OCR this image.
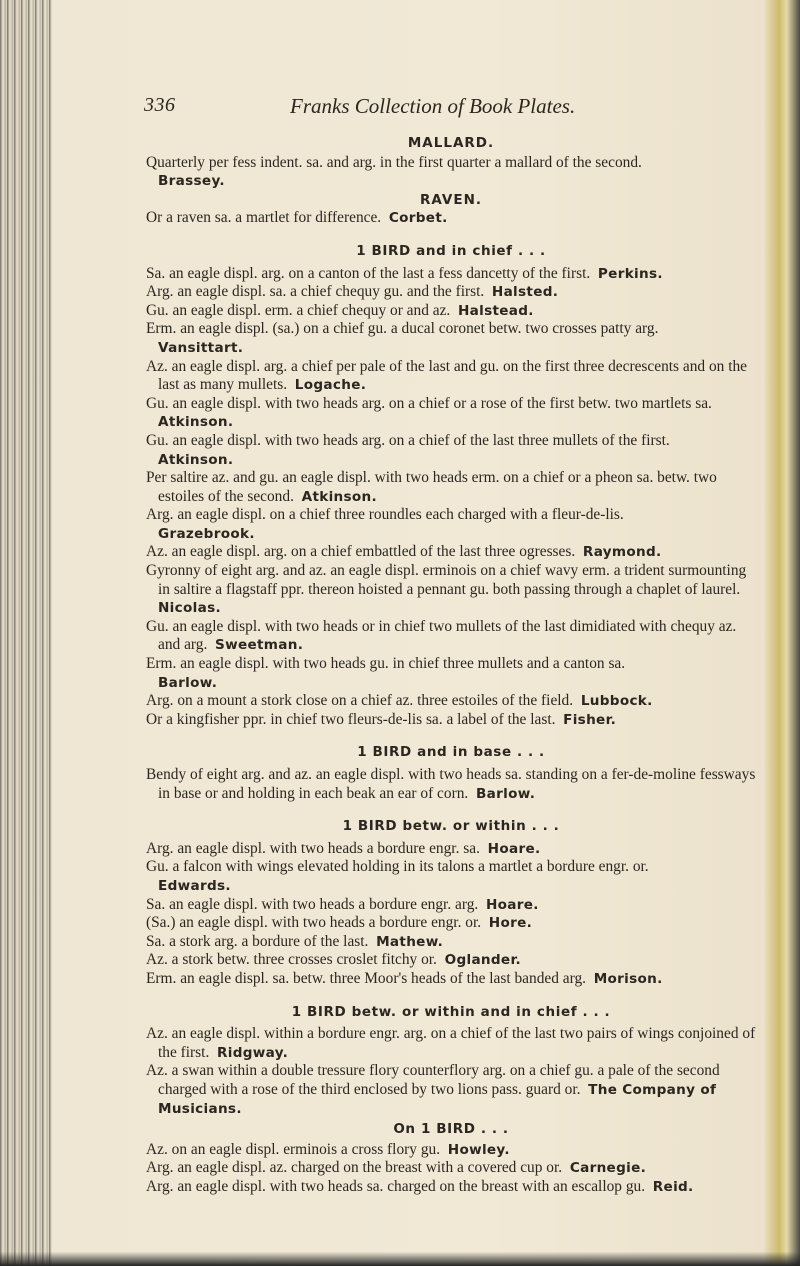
336	Franks Collection of Book Plates.

MALLARD.

Quarterly per fess indent. sa. and arg. in the first quarter a mallard of the second.
Brassey.

RAVEN.

Or a raven sa. a martlet for difference. Corbet.

1 BIRD and in chief . . .

Sa. an eagle displ. arg. on a canton of the last a fess dancetty of the first. Perkins.

Arg. an eagle displ. sa. a chief chequy gu. and the first. Halsted.

Gu. an eagle displ. erm. a chief chequy or and az. Halstead.

Erm. an eagle displ. (sa.) on a chief gu. a ducal coronet betw. two crosses patty arg.
Vansittart.

Az. an eagle displ. arg. a chief per pale of the last and gu. on the first three decrescents and on the last as many mullets. Logache.

Gu. an eagle displ. with two heads arg. on a chief or a rose of the first betw. two martlets sa.  Atkinson.

Gu. an eagle displ. with two heads arg. on a chief of the last three mullets of the first.
Atkinson.

Per saltire az. and gu. an eagle displ. with two heads erm. on a chief or a pheon sa. betw. two estoiles of the second. Atkinson.

Arg. an eagle displ. on a chief three roundles each charged with a fleur-de-lis.
Grazebrook.

Az. an eagle displ. arg. on a chief embattled of the last three ogresses. Raymond.

Gyronny of eight arg. and az. an eagle displ. erminois on a chief wavy erm. a trident surmounting in saltire a flagstaff ppr. thereon hoisted a pennant gu. both passing through a chaplet of laurel.  Nicolas.

Gu. an eagle displ. with two heads or in chief two mullets of the last dimidiated with chequy az. and arg. Sweetman.

Erm. an eagle displ. with two heads gu. in chief three mullets and a canton sa.
Barlow.

Arg. on a mount a stork close on a chief az. three estoiles of the field. Lubbock.

Or a kingfisher ppr. in chief two fleurs-de-lis sa. a label of the last. Fisher.

1 BIRD and in base . . .

Bendy of eight arg. and az. an eagle displ. with two heads sa. standing on a fer-de-moline fessways in base or and holding in each beak an ear of corn. Barlow.

1 BIRD betw. or within . . .

Arg. an eagle displ. with two heads a bordure engr. sa. Hoare.

Gu. a falcon with wings elevated holding in its talons a martlet a bordure engr. or.
Edwards.

Sa. an eagle displ. with two heads a bordure engr. arg. Hoare.

(Sa.) an eagle displ. with two heads a bordure engr. or. Hore.

Sa. a stork arg. a bordure of the last. Mathew.

Az. a stork betw. three crosses croslet fitchy or. Oglander.

Erm. an eagle displ. sa. betw. three Moor's heads of the last banded arg. Morison.

1 BIRD betw. or within and in chief . . .

Az. an eagle displ. within a bordure engr. arg. on a chief of the last two pairs of wings conjoined of the first. Ridgway.

Az. a swan within a double tressure flory counterflory arg. on a chief gu. a pale of the second charged with a rose of the third enclosed by two lions pass. guard or. The Company of Musicians.

On 1 BIRD . . .

Az. on an eagle displ. erminois a cross flory gu. Howley.

Arg. an eagle displ. az. charged on the breast with a covered cup or. Carnegie.

Arg. an eagle displ. with two heads sa. charged on the breast with an escallop gu. Reid.
